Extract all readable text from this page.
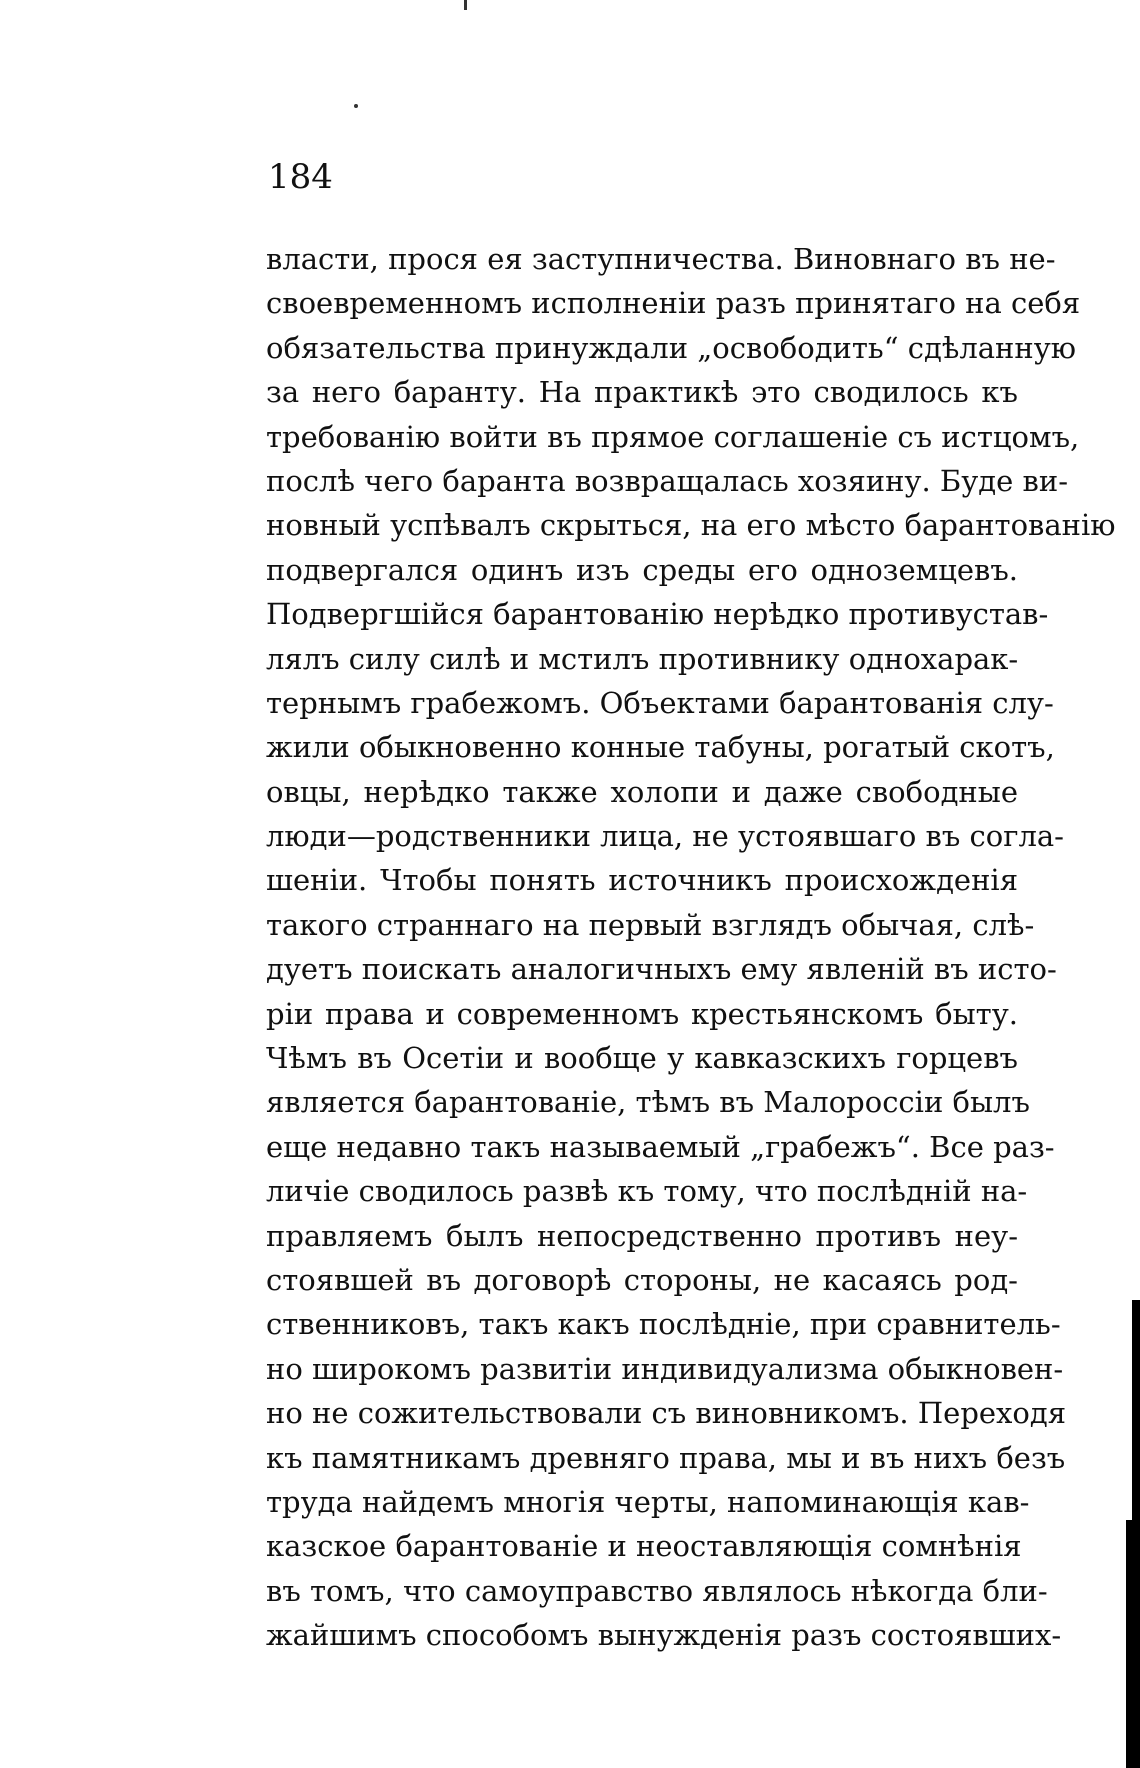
184
власти, прося ея заступничества. Виновнаго въ не-
своевременномъ исполненіи разъ принятаго на себя
обязательства принуждали „освободить“ сдѣланную
за него баранту. На практикѣ это сводилось къ
требованію войти въ прямое соглашеніе съ истцомъ,
послѣ чего баранта возвращалась хозяину. Буде ви-
новный успѣвалъ скрыться, на его мѣсто барантованію
подвергался одинъ изъ среды его одноземцевъ.
Подвергшійся барантованію нерѣдко противустав-
лялъ силу силѣ и мстилъ противнику однохарак-
тернымъ грабежомъ. Объектами барантованія слу-
жили обыкновенно конные табуны, рогатый скотъ,
овцы, нерѣдко также холопи и даже свободные
люди—родственники лица, не устоявшаго въ согла-
шеніи. Чтобы понять источникъ происхожденія
такого страннаго на первый взглядъ обычая, слѣ-
дуетъ поискать аналогичныхъ ему явленій въ исто-
ріи права и современномъ крестьянскомъ быту.
Чѣмъ въ Осетіи и вообще у кавказскихъ горцевъ
является барантованіе, тѣмъ въ Малороссіи былъ
еще недавно такъ называемый „грабежъ“. Все раз-
личіе сводилось развѣ къ тому, что послѣдній на-
правляемъ былъ непосредственно противъ неу-
стоявшей въ договорѣ стороны, не касаясь род-
ственниковъ, такъ какъ послѣдніе, при сравнитель-
но широкомъ развитіи индивидуализма обыкновен-
но не сожительствовали съ виновникомъ. Переходя
къ памятникамъ древняго права, мы и въ нихъ безъ
труда найдемъ многія черты, напоминающія кав-
казское барантованіе и неоставляющія сомнѣнія
въ томъ, что самоуправство являлось нѣкогда бли-
жайшимъ способомъ вынужденія разъ состоявших-
